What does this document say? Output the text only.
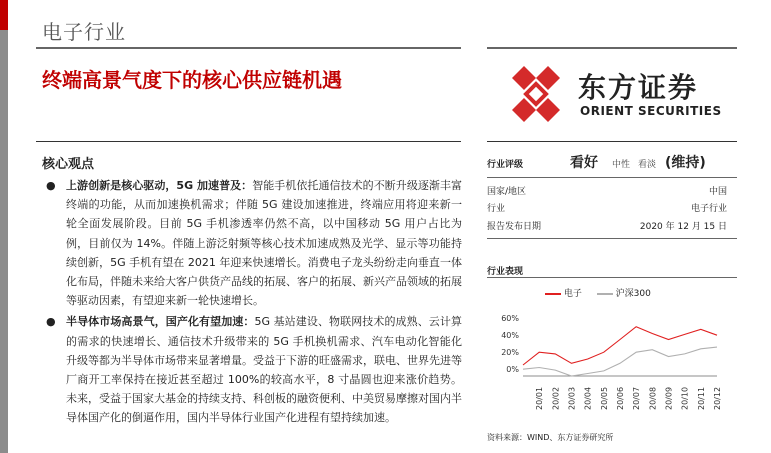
电子行业
终端高景气度下的核心供应链机遇	东方证券
ORIENT SECURITIES
核心观点
● 上游创新是核心驱动，5G 加速普及：智能手机依托通信技术的不断升级逐渐丰富终端的功能，从而加速换机需求；伴随 5G 建设加速推进，终端应用将迎来新一轮全面发展阶段。目前 5G 手机渗透率仍然不高，以中国移动 5G 用户占比为例，目前仅为 14%。伴随上游泛射频等核心技术加速成熟及光学、显示等功能持续创新，5G 手机有望在 2021 年迎来快速增长。消费电子龙头纷纷走向垂直一体化布局，伴随未来给大客户供货产品线的拓展、客户的拓展、新兴产品领域的拓展等驱动因素，有望迎来新一轮快速增长。
● 半导体市场高景气，国产化有望加速：5G 基站建设、物联网技术的成熟、云计算的需求的快速增长、通信技术升级带来的 5G 手机换机需求、汽车电动化智能化升级等都为半导体市场带来显著增量。受益于下游的旺盛需求，联电、世界先进等厂商开工率保持在接近甚至超过 100%的较高水平，8 寸晶圆也迎来涨价趋势。未来，受益于国家大基金的持续支持、科创板的融资便利、中美贸易摩擦对国内半导体国产化的倒逼作用，国内半导体行业国产化进程有望持续加速。
行业评级	看好 中性 看淡 (维持)
国家/地区	中国
行业	电子行业
报告发布日期	2020 年 12 月 15 日
行业表现
电子	沪深300
0%
20%
40%
60%
20/01 20/02 20/03 20/04 20/05 20/06 20/07 20/08 20/09 20/10 20/11 20/12
资料来源：WIND、东方证券研究所
